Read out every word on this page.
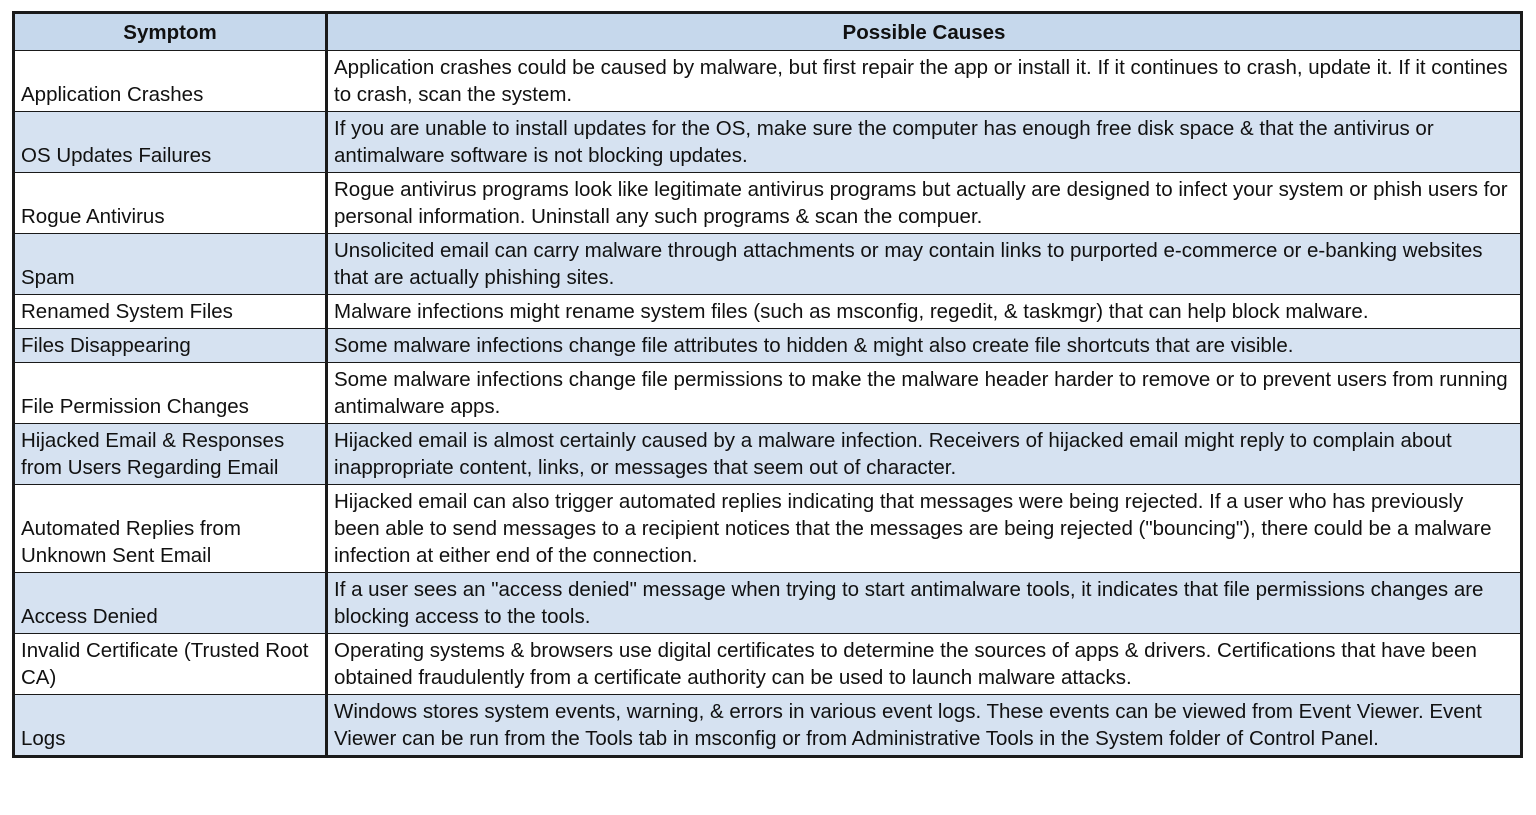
Symptom	Possible Causes
Application Crashes	Application crashes could be caused by malware, but first repair the app or install it. If it continues to crash, update it. If it contines to crash, scan the system.
OS Updates Failures	If you are unable to install updates for the OS, make sure the computer has enough free disk space & that the antivirus or antimalware software is not blocking updates.
Rogue Antivirus	Rogue antivirus programs look like legitimate antivirus programs but actually are designed to infect your system or phish users for personal information. Uninstall any such programs & scan the compuer.
Spam	Unsolicited email can carry malware through attachments or may contain links to purported e-commerce or e-banking websites that are actually phishing sites.
Renamed System Files	Malware infections might rename system files (such as msconfig, regedit, & taskmgr) that can help block malware.
Files Disappearing	Some malware infections change file attributes to hidden & might also create file shortcuts that are visible.
File Permission Changes	Some malware infections change file permissions to make the malware header harder to remove or to prevent users from running antimalware apps.
Hijacked Email & Responses from Users Regarding Email	Hijacked email is almost certainly caused by a malware infection. Receivers of hijacked email might reply to complain about inappropriate content, links, or messages that seem out of character.
Automated Replies from Unknown Sent Email	Hijacked email can also trigger automated replies indicating that messages were being rejected. If a user who has previously been able to send messages to a recipient notices that the messages are being rejected ("bouncing"), there could be a malware infection at either end of the connection.
Access Denied	If a user sees an "access denied" message when trying to start antimalware tools, it indicates that file permissions changes are blocking access to the tools.
Invalid Certificate (Trusted Root CA)	Operating systems & browsers use digital certificates to determine the sources of apps & drivers. Certifications that have been obtained fraudulently from a certificate authority can be used to launch malware attacks.
Logs	Windows stores system events, warning, & errors in various event logs. These events can be viewed from Event Viewer. Event Viewer can be run from the Tools tab in msconfig or from Administrative Tools in the System folder of Control Panel.
